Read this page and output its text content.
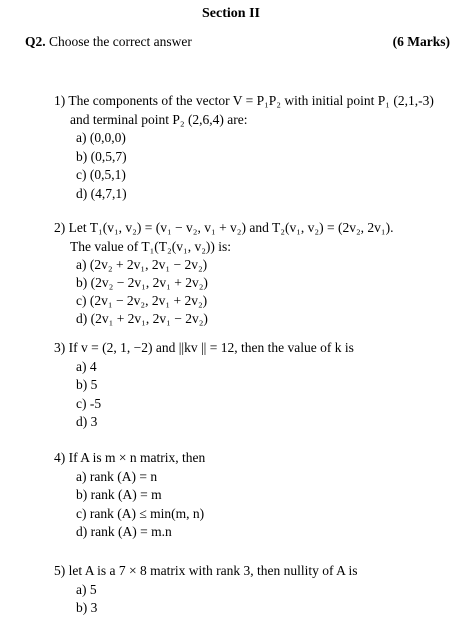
Section II
Q2. Choose the correct answer	(6 Marks)
1) The components of the vector V = P₁P₂ with initial point P₁ (2,1,-3)
and terminal point P₂ (2,6,4) are:
a) (0,0,0)
b) (0,5,7)
c) (0,5,1)
d) (4,7,1)
2) Let T₁(v₁, v₂) = (v₁ − v₂, v₁ + v₂) and T₂(v₁, v₂) = (2v₂, 2v₁).
The value of T₁(T₂(v₁, v₂)) is:
a) (2v₂ + 2v₁, 2v₁ − 2v₂)
b) (2v₂ − 2v₁, 2v₁ + 2v₂)
c) (2v₁ − 2v₂, 2v₁ + 2v₂)
d) (2v₁ + 2v₁, 2v₁ − 2v₂)
3) If v = (2, 1, −2) and ||kv || = 12, then the value of k is
a) 4
b) 5
c) -5
d) 3
4) If A is m × n matrix, then
a) rank (A) = n
b) rank (A) = m
c) rank (A) ≤ min(m, n)
d) rank (A) = m.n
5) let A is a 7 × 8 matrix with rank 3, then nullity of A is
a) 5
b) 3
